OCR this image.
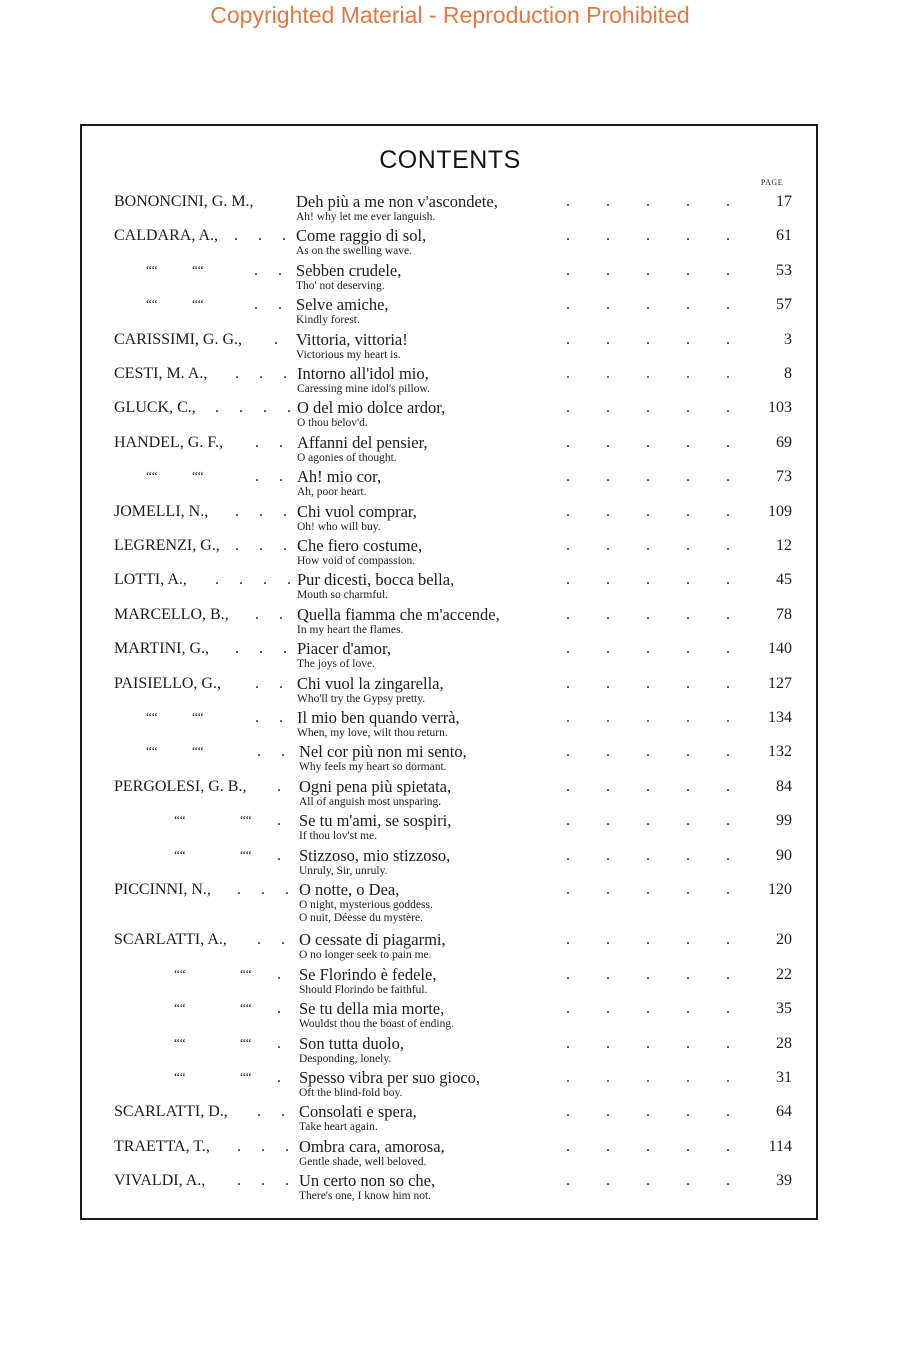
Copyrighted Material - Reproduction Prohibited
CONTENTS
PAGE
BONONCINI, G. M.,	Deh più a me non v'ascondete,
Ah! why let me ever languish.
. . . . .	17
CALDARA, A., . . . Come raggio di sol,
As on the swelling wave.
. . . . .	61
““	““	. . Sebben crudele,
Tho' not deserving.
. . . . .	53
““	““	. . Selve amiche,
Kindly forest.
. . . . .	57
CARISSIMI, G. G.,	. Vittoria, vittoria!
Victorious my heart is.
. . . . .	3
CESTI, M. A.,	. . . Intorno all'idol mio,
Caressing mine idol's pillow.
. . . . .	8
GLUCK, C.,	. . . .
O del mio dolce ardor,
O thou belov'd.
. . . . .	103
HANDEL, G. F.,	. . Affanni del pensier,
O agonies of thought.
. . . . .	69
““	““	. . Ah! mio cor,
Ah, poor heart.
. . . . .	73
JOMELLI, N.,	. . . Chi vuol comprar,
Oh! who will buy.
. . . . .	109
LEGRENZI, G., . . . Che fiero costume,
How void of compassion.
. . . . .	12
LOTTI, A.,	. . . .
Pur dicesti, bocca bella,
Mouth so charmful.
. . . . .	45
MARCELLO, B.,	. . Quella fiamma che m'accende,
In my heart the flames.
. . . . .	78
MARTINI, G.,	. . . Piacer d'amor,
The joys of love.
. . . . .	140
PAISIELLO, G.,	. . Chi vuol la zingarella,
Who'll try the Gypsy pretty.
. . . . .	127
““	““	. . Il mio ben quando verrà,
When, my love, wilt thou return.
. . . . .	134
““	““	. . Nel cor più non mi sento,
Why feels my heart so dormant.
. . . . .	132
PERGOLESI, G. B.,	. Ogni pena più spietata,
All of anguish most unsparing.
. . . . .	84
““	““ . Se tu m'ami, se sospiri,
If thou lov'st me.
. . . . .	99
““	““ . Stizzoso, mio stizzoso,
Unruly, Sir, unruly.
. . . . .	90
PICCINNI, N.,	. . . O notte, o Dea,
O night, mysterious goddess.
O nuit, Déesse du mystère.
. . . . .	120
SCARLATTI, A.,	. . O cessate di piagarmi,
O no longer seek to pain me.
. . . . .	20
““	““ . Se Florindo è fedele,
Should Florindo be faithful.
. . . . .	22
““	““ . Se tu della mia morte,
Wouldst thou the boast of ending.
. . . . .	35
““	““ . Son tutta duolo,
Desponding, lonely.
. . . . .	28
““	““ . Spesso vibra per suo gioco,
Oft the blind-fold boy.
. . . . .	31
SCARLATTI, D.,	. . Consolati e spera,
Take heart again.
. . . . .	64
TRAETTA, T.,	. . . Ombra cara, amorosa,
Gentle shade, well beloved.
. . . . .	114
VIVALDI, A.,	. . . Un certo non so che,
There's one, I know him not.
. . . . .	39
